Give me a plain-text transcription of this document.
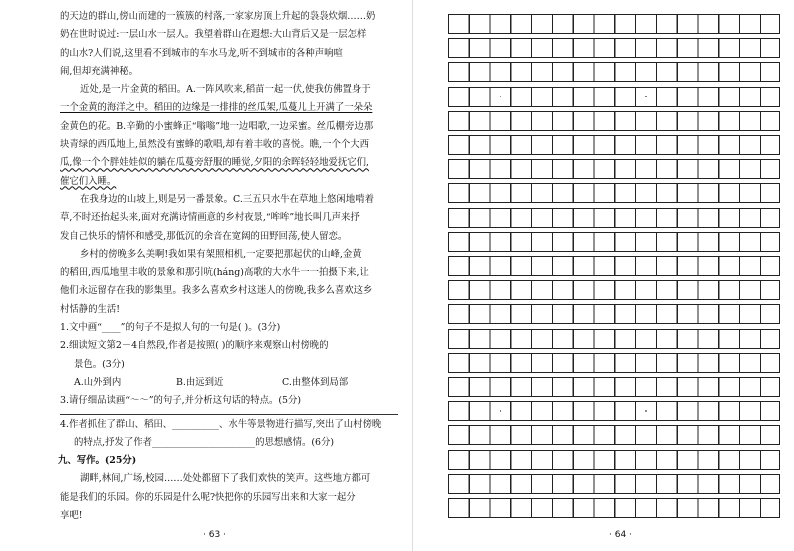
的天边的群山,傍山而建的一簇簇的村落,一家家房顶上升起的袅袅炊烟……奶
奶在世时说过:一层山水一层人。我望着群山在遐想:大山背后又是一层怎样
的山水?人们说,这里看不到城市的车水马龙,听不到城市的各种声响喧
闹,但却充满神秘。
近处,是一片金黄的稻田。A.一阵风吹来,稻苗一起一伏,使我仿佛置身于
一个金黄的海洋之中。稻田的边缘是一排排的丝瓜架,瓜蔓儿上开满了一朵朵
金黄色的花。B.辛勤的小蜜蜂正“嗡嗡”地一边唱歌,一边采蜜。丝瓜棚旁边那
块青绿的西瓜地上,虽然没有蜜蜂的歌唱,却有着丰收的喜悦。瞧,一个个大西
瓜,像一个个胖娃娃似的躺在瓜蔓旁舒服的睡觉,夕阳的余晖轻轻地爱抚它们,
催它们入睡。
在我身边的山坡上,则是另一番景象。C.三五只水牛在草地上悠闲地啃着
草,不时还抬起头来,面对充满诗情画意的乡村夜景,“哞哞”地长叫几声来抒
发自己快乐的情怀和感受,那低沉的余音在宽阔的田野回荡,使人留恋。
乡村的傍晚多么美啊!我如果有架照相机,一定要把那起伏的山峰,金黄
的稻田,西瓜地里丰收的景象和那引吭(háng)高歌的大水牛一一拍摄下来,让
他们永远留存在我的影集里。我多么喜欢乡村这迷人的傍晚,我多么喜欢这乡
村恬静的生活!
1.文中画“____”的句子不是拟人句的一句是( )。(3分)
2.细读短文第2－4自然段,作者是按照( )的顺序来观察山村傍晚的
景色。(3分)
A.山外到内	B.由远到近	C.由整体到局部
3.请仔细品读画“～～”的句子,并分析这句话的特点。(5分)
4.作者抓住了群山、稻田、__________、水牛等景物进行描写,突出了山村傍晚
的特点,抒发了作者______________________的思想感情。(6分)
九、写作。(25分)
· 63 ·
湖畔,林间,广场,校园……处处都留下了我们欢快的笑声。这些地方都可
能是我们的乐园。你的乐园是什么呢?快把你的乐园写出来和大家一起分
享吧!
· 64 ·
